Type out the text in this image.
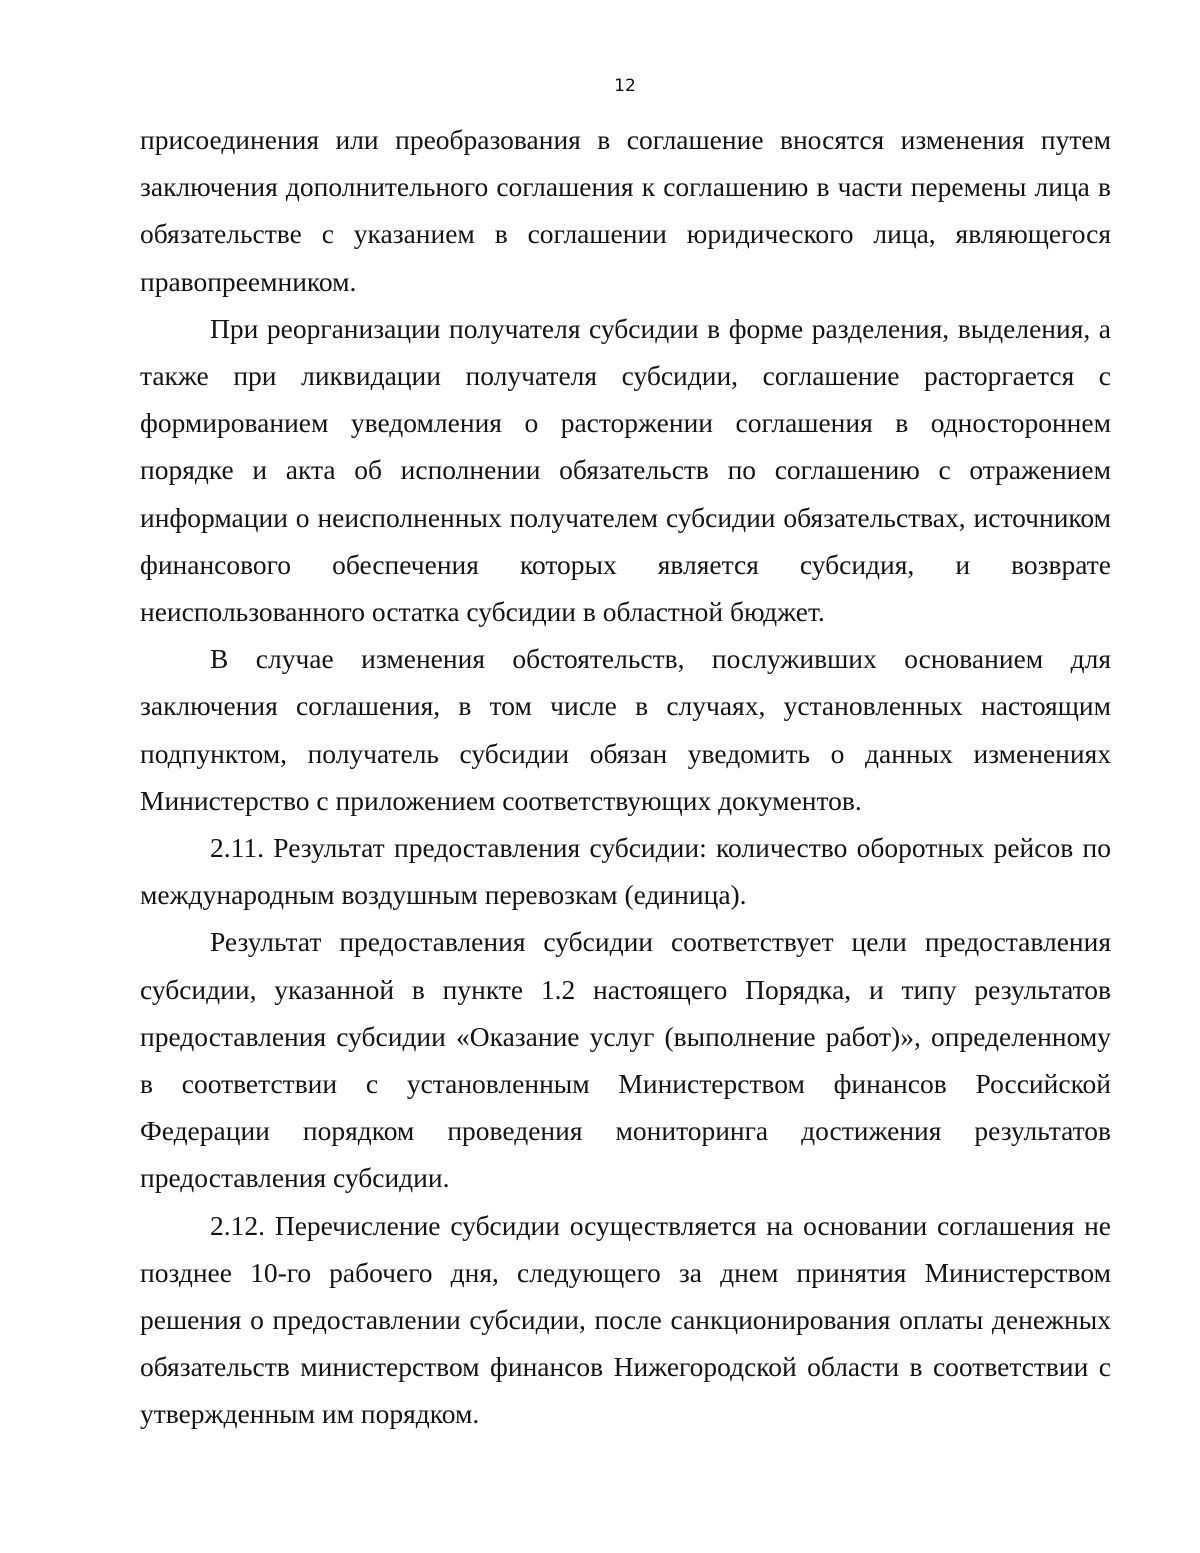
12

присоединения или преобразования в соглашение вносятся изменения путем заключения дополнительного соглашения к соглашению в части перемены лица в обязательстве с указанием в соглашении юридического лица, являющегося правопреемником.

При реорганизации получателя субсидии в форме разделения, выделения, а также при ликвидации получателя субсидии, соглашение расторгается с формированием уведомления о расторжении соглашения в одностороннем порядке и акта об исполнении обязательств по соглашению с отражением информации о неисполненных получателем субсидии обязательствах, источником финансового обеспечения которых является субсидия, и возврате неиспользованного остатка субсидии в областной бюджет.

В случае изменения обстоятельств, послуживших основанием для заключения соглашения, в том числе в случаях, установленных настоящим подпунктом, получатель субсидии обязан уведомить о данных изменениях Министерство с приложением соответствующих документов.

2.11. Результат предоставления субсидии: количество оборотных рейсов по международным воздушным перевозкам (единица).

Результат предоставления субсидии соответствует цели предоставления субсидии, указанной в пункте 1.2 настоящего Порядка, и типу результатов предоставления субсидии «Оказание услуг (выполнение работ)», определенному в соответствии с установленным Министерством финансов Российской Федерации порядком проведения мониторинга достижения результатов предоставления субсидии.

2.12. Перечисление субсидии осуществляется на основании соглашения не позднее 10-го рабочего дня, следующего за днем принятия Министерством решения о предоставлении субсидии, после санкционирования оплаты денежных обязательств министерством финансов Нижегородской области в соответствии с утвержденным им порядком.
